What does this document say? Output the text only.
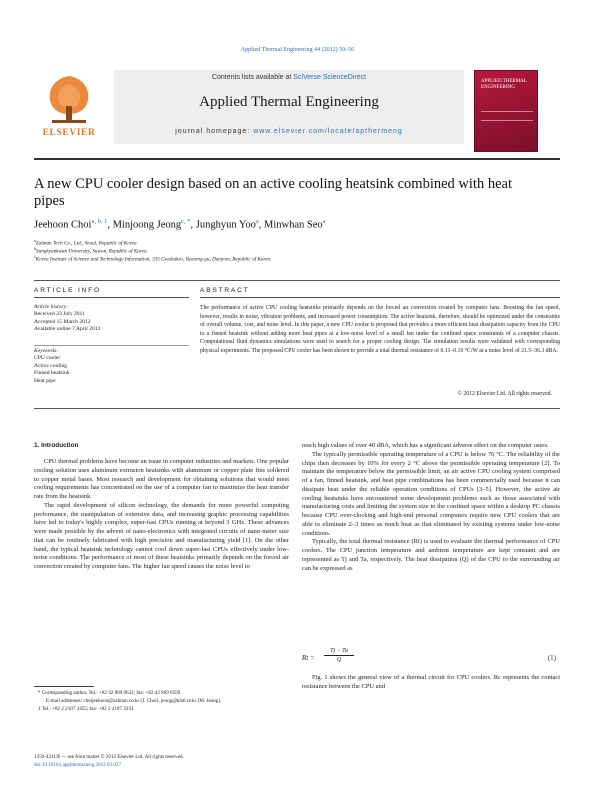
Applied Thermal Engineering 44 (2012) 50–56
ELSEVIER
Contents lists available at SciVerse ScienceDirect
Applied Thermal Engineering
journal homepage: www.elsevier.com/locate/apthermeng
APPLIED THERMAL ENGINEERING
A new CPU cooler design based on an active cooling heatsink combined with heat pipes
Jeehoon Choi$^{a, b, 1}$, Minjoong Jeong$^{c, *}$, Junghyun Yoo$^a$, Minwhan Seo$^a$
$^a$Zalman Tech Co., Ltd., Seoul, Republic of Korea
$^b$Sungkyunkwan University, Suwon, Republic of Korea
$^c$Korea Institute of Science and Technology Information, 335 Gwahakro, Yuseong-gu, Daejeon, Republic of Korea
ARTICLE INFO
Article history:
Received 23 July 2011
Accepted 15 March 2012
Available online 7 April 2012
Keywords:
CPU cooler
Active cooling
Finned heatsink
Heat pipe
ABSTRACT
The performance of active CPU cooling heatsinks primarily depends on the forced air convection created by computer fans. Boosting the fan speed, however, results in noise, vibration problems, and increased power consumption. The active heatsink, therefore, should be optimized under the constraints of overall volume, cost, and noise level. In this paper, a new CPU cooler is proposed that provides a more efficient heat dissipation capacity from the CPU to a finned heatsink without adding more heat pipes at a low-noise level of a small fan under the confined space constraints of a computer chassis. Computational fluid dynamics simulations were used to search for a proper cooling design. The simulation results were validated with corresponding physical experiments. The proposed CPU cooler has been shown to provide a total thermal resistance of 0.11–0.19 °C/W at a noise level of 21.5–36.3 dBA.
© 2012 Elsevier Ltd. All rights reserved.
1. Introduction

CPU thermal problems have become an issue in computer industries and markets. One popular cooling solution uses aluminum extrusion heatsinks with aluminum or copper plate fins soldered to copper metal bases. Most research and development for obtaining solutions that would meet cooling requirements has concentrated on the use of a computer fan to maximize the heat transfer rate from the heatsink.

The rapid development of silicon technology, the demands for more powerful computing performance, the manipulation of extensive data, and increasing graphic processing capabilities have led to today's highly complex, super-fast CPUs running at beyond 3 GHz. These advances were made possible by the advent of nano-electronics with integrated circuits of nano-meter size that can be routinely fabricated with high precision and manufacturing yield [1]. On the other hand, the typical heatsink technology cannot cool down super-fast CPUs effectively under low-noise conditions. The performance of most of these heatsinks primarily depends on the forced air convection created by computer fans. The higher fan speed causes the noise level to

reach high values of over 40 dBA, which has a significant adverse effect on the computer users.

The typically permissible operating temperature of a CPU is below 70 °C. The reliability of the chips then decreases by 10% for every 2 °C above the permissible operating temperature [2]. To maintain the temperature below the permissible limit, an air active CPU cooling system comprised of a fan, finned heatsink, and heat pipe combinations has been commercially used because it can dissipate heat under the reliable operation conditions of CPUs [3–5]. However, the active air cooling heatsinks have encountered some development problems such as those associated with manufacturing costs and limiting the system size to the confined space within a desktop PC chassis because CPU over-clocking and high-end personal computers require new CPU coolers that are able to eliminate 2–3 times as much heat as that eliminated by existing systems under low-noise conditions.

Typically, the total thermal resistance (Rt) is used to evaluate the thermal performance of CPU coolers. The CPU junction temperature and ambient temperature are kept constant and are represented as Tj and Ta, respectively. The heat dissipation (Q) of the CPU to the surrounding air can be expressed as

$Rt = \frac{Tj - Ta}{Q}$	(1)

Fig. 1 shows the general view of a thermal circuit for CPU coolers. Rc represents the contact resistance between the CPU and

* Corresponding author. Tel.: +82 42 869 0632; fax: +82 42 869 0599.
E-mail addresses: choijeehoon@zalman.co.kr (J. Choi), jeong@kisti.re.kr (M. Jeong).
1 Tel.: +82 2 2107 3455; fax: +82 2 2107 3333.
1359-4311/$ — see front matter © 2012 Elsevier Ltd. All rights reserved.
doi:10.1016/j.applthermaleng.2012.03.027
